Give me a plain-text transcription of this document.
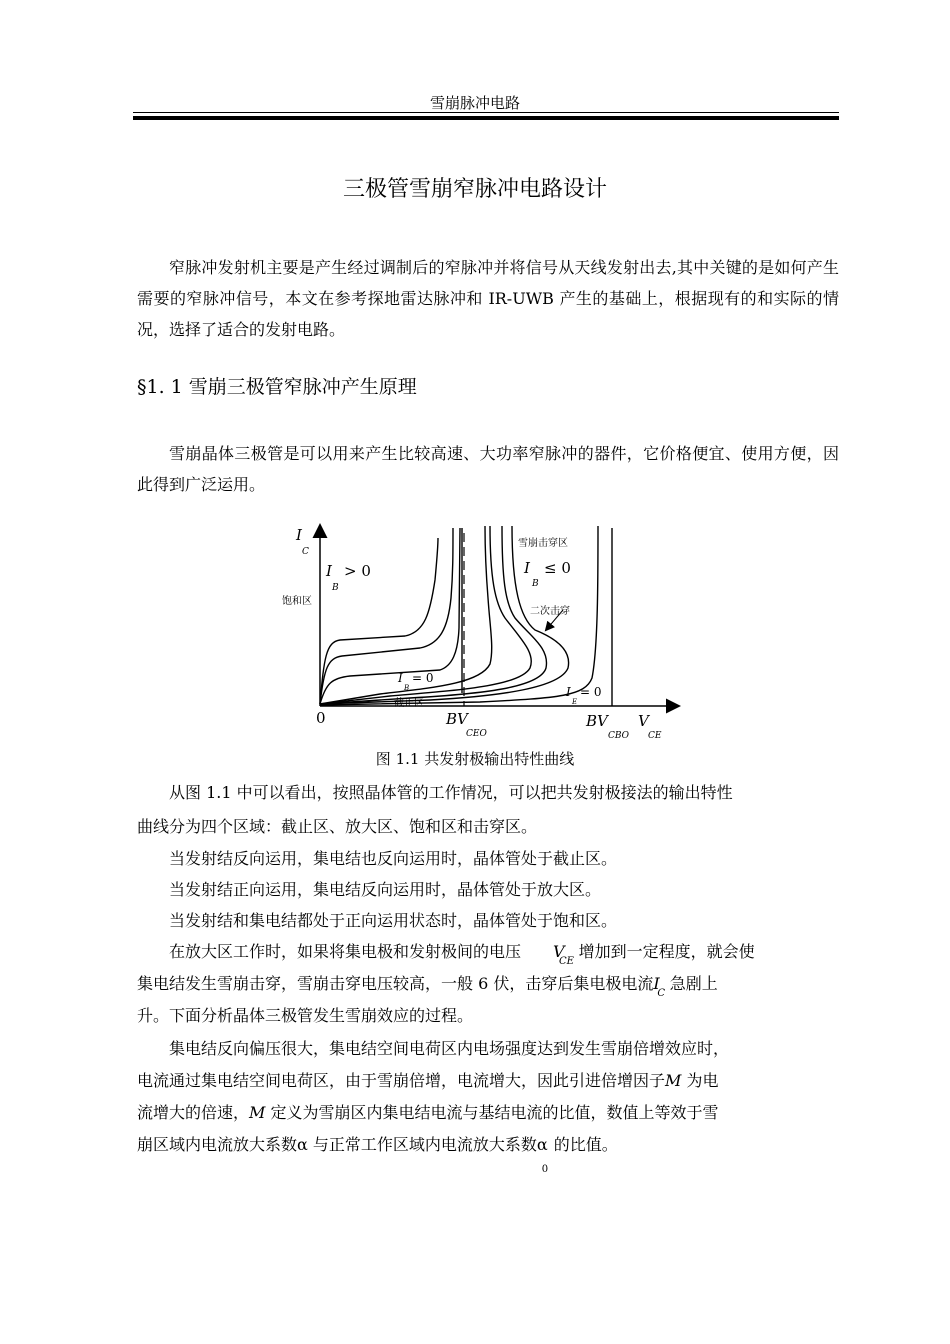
雪崩脉冲电路
三极管雪崩窄脉冲电路设计
窄脉冲发射机主要是产生经过调制后的窄脉冲并将信号从天线发射出去,其中关键的是如何产生需要的窄脉冲信号，本文在参考探地雷达脉冲和 IR-UWB 产生的基础上，根据现有的和实际的情况，选择了适合的发射电路。
§1. 1 雪崩三极管窄脉冲产生原理
雪崩晶体三极管是可以用来产生比较高速、大功率窄脉冲的器件，它价格便宜、使用方便，因此得到广泛运用。
I
C
I
B
> 0
饱和区
雪崩击穿区
I
B
≤ 0
二次击穿
I
B
= 0
截止区
I
E
= 0
0	BV
CEO
BV
CBO
V
CE
图 1.1 共发射极输出特性曲线
从图 1.1 中可以看出，按照晶体管的工作情况，可以把共发射极接法的输出特性
曲线分为四个区域：截止区、放大区、饱和区和击穿区。
当发射结反向运用，集电结也反向运用时，晶体管处于截止区。
当发射结正向运用，集电结反向运用时，晶体管处于放大区。
当发射结和集电结都处于正向运用状态时，晶体管处于饱和区。
在放大区工作时，如果将集电极和发射极间的电压 V
CE
增加到一定程度，就会使
集电结发生雪崩击穿，雪崩击穿电压较高，一般 6 伏，击穿后集电极电流I
C
急剧上
升。下面分析晶体三极管发生雪崩效应的过程。
集电结反向偏压很大，集电结空间电荷区内电场强度达到发生雪崩倍增效应时，
电流通过集电结空间电荷区，由于雪崩倍增，电流增大，因此引进倍增因子M 为电
流增大的倍速，M 定义为雪崩区内集电结电流与基结电流的比值，数值上等效于雪
崩区域内电流放大系数α 与正常工作区域内电流放大系数α
0
的比值。
